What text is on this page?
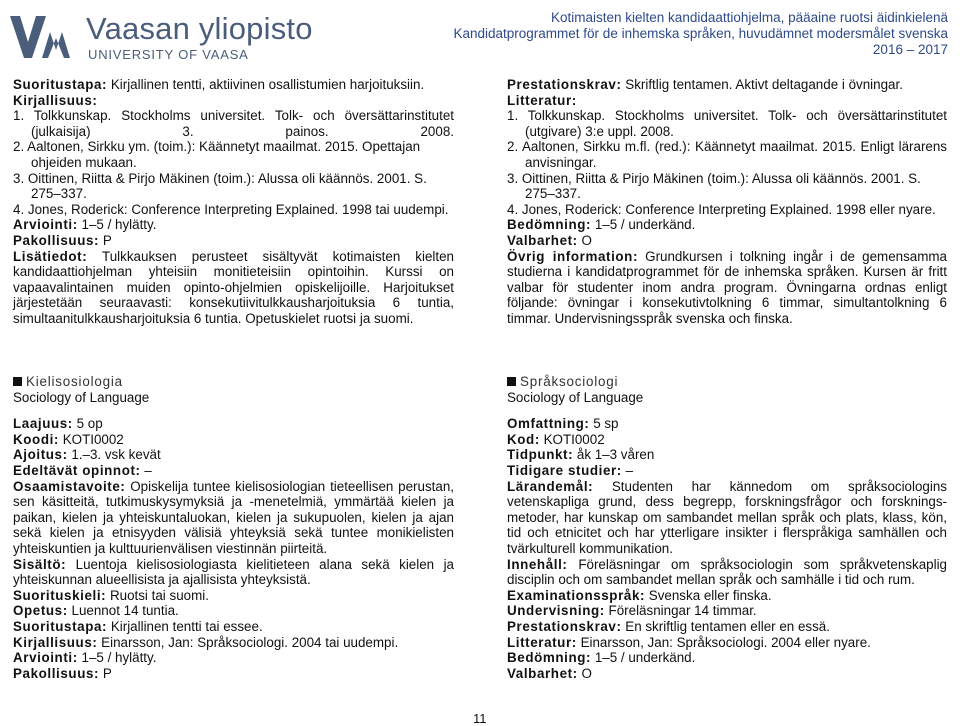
Vaasan yliopisto
UNIVERSITY OF VAASA
Kotimaisten kielten kandidaattiohjelma, pääaine ruotsi äidinkielenä
Kandidatprogrammet för de inhemska språken, huvudämnet modersmålet svenska
2016 – 2017

Suoritustapa: Kirjallinen tentti, aktiivinen osallistumien harjoituksiin.

Kirjallisuus:

1. Tolkkunskap. Stockholms universitet. Tolk- och översättarinstitutet (julkaisija) 3. painos. 2008.

2. Aaltonen, Sirkku ym. (toim.): Käännetyt maailmat. 2015. Opettajan ohjeiden mukaan.

3. Oittinen, Riitta & Pirjo Mäkinen (toim.): Alussa oli käännös. 2001. S. 275–337.

4. Jones, Roderick: Conference Interpreting Explained. 1998 tai uudempi.

Arviointi: 1–5 / hylätty.

Pakollisuus: P

Lisätiedot: Tulkkauksen perusteet sisältyvät kotimaisten kielten kandidaattiohjelman yhteisiin monitieteisiin opintoihin. Kurssi on vapaavalintainen muiden opinto-ohjelmien opiskelijoille. Harjoitukset järjestetään seuraavasti: konsekutiivitulkkausharjoituksia 6 tuntia, simultaanitulkkausharjoituksia 6 tuntia. Opetuskielet ruotsi ja suomi.

Prestationskrav: Skriftlig tentamen. Aktivt deltagande i övningar.

Litteratur:

1. Tolkkunskap. Stockholms universitet. Tolk- och översättarinstitutet (utgivare) 3:e uppl. 2008.

2. Aaltonen, Sirkku m.fl. (red.): Käännetyt maailmat. 2015. Enligt lärarens anvisningar.

3. Oittinen, Riitta & Pirjo Mäkinen (toim.): Alussa oli käännös. 2001. S. 275–337.

4. Jones, Roderick: Conference Interpreting Explained. 1998 eller nyare.

Bedömning: 1–5 / underkänd.

Valbarhet: O

Övrig information: Grundkursen i tolkning ingår i de gemensamma studierna i kandidatprogrammet för de inhemska språken. Kursen är fritt valbar för studenter inom andra program. Övningarna ordnas enligt följande: övningar i konsekutivtolkning 6 timmar, simultantolkning 6 timmar. Undervisningsspråk svenska och finska.

Kielisosiologia

Sociology of Language

Laajuus: 5 op

Koodi: KOTI0002

Ajoitus: 1.–3. vsk kevät

Edeltävät opinnot: –

Osaamistavoite: Opiskelija tuntee kielisosiologian tieteellisen perustan, sen käsitteitä, tutkimuskysymyksiä ja -menetelmiä, ymmärtää kielen ja paikan, kielen ja yhteiskuntaluokan, kielen ja sukupuolen, kielen ja ajan sekä kielen ja etnisyyden välisiä yhteyksiä sekä tuntee monikielisten yhteiskuntien ja kulttuurienvälisen viestinnän piirteitä.

Sisältö: Luentoja kielisosiologiasta kielitieteen alana sekä kielen ja yhteiskunnan alueellisista ja ajallisista yhteyksistä.

Suorituskieli: Ruotsi tai suomi.

Opetus: Luennot 14 tuntia.

Suoritustapa: Kirjallinen tentti tai essee.

Kirjallisuus: Einarsson, Jan: Språksociologi. 2004 tai uudempi.

Arviointi: 1–5 / hylätty.

Pakollisuus: P

Språksociologi

Sociology of Language

Omfattning: 5 sp

Kod: KOTI0002

Tidpunkt: åk 1–3 våren

Tidigare studier: –

Lärandemål: Studenten har kännedom om språksociologins vetenskapliga grund, dess begrepp, forskningsfrågor och forsknings-metoder, har kunskap om sambandet mellan språk och plats, klass, kön, tid och etnicitet och har ytterligare insikter i flerspråkiga samhällen och tvärkulturell kommunikation.

Innehåll: Föreläsningar om språksociologin som språkvetenskaplig disciplin och om sambandet mellan språk och samhälle i tid och rum.

Examinationsspråk: Svenska eller finska.

Undervisning: Föreläsningar 14 timmar.

Prestationskrav: En skriftlig tentamen eller en essä.

Litteratur: Einarsson, Jan: Språksociologi. 2004 eller nyare.

Bedömning: 1–5 / underkänd.

Valbarhet: O

11
